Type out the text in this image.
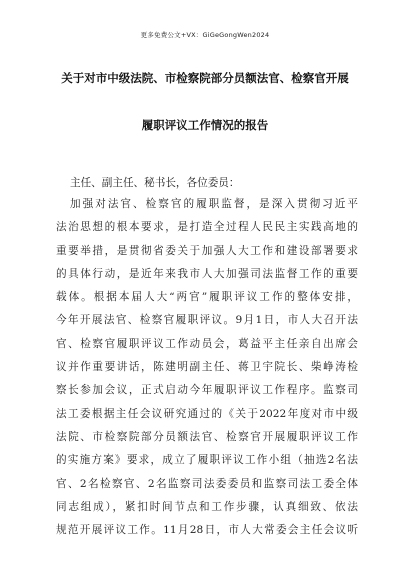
更多免费公文+VX：GiGeGongWen2024
关于对市中级法院、市检察院部分员额法官、检察官开展
履职评议工作情况的报告
主任、副主任、秘书长，各位委员：
加强对法官、检察官的履职监督，是深入贯彻习近平
法治思想的根本要求，是打造全过程人民民主实践高地的
重要举措，是贯彻省委关于加强人大工作和建设部署要求
的具体行动，是近年来我市人大加强司法监督工作的重要
载体。根据本届人大“两官”履职评议工作的整体安排，
今年开展法官、检察官履职评议。9月1日，市人大召开法
官、检察官履职评议工作动员会，葛益平主任亲自出席会
议并作重要讲话，陈建明副主任、蒋卫宇院长、柴峥涛检
察长参加会议，正式启动今年履职评议工作程序。监察司
法工委根据主任会议研究通过的《关于2022年度对市中级
法院、市检察院部分员额法官、检察官开展履职评议工作
的实施方案》要求，成立了履职评议工作小组（抽选2名法
官、2名检察官、2名监察司法委委员和监察司法工委全体
同志组成），紧扣时间节点和工作步骤，认真细致、依法
规范开展评议工作。11月28日，市人大常委会主任会议听
